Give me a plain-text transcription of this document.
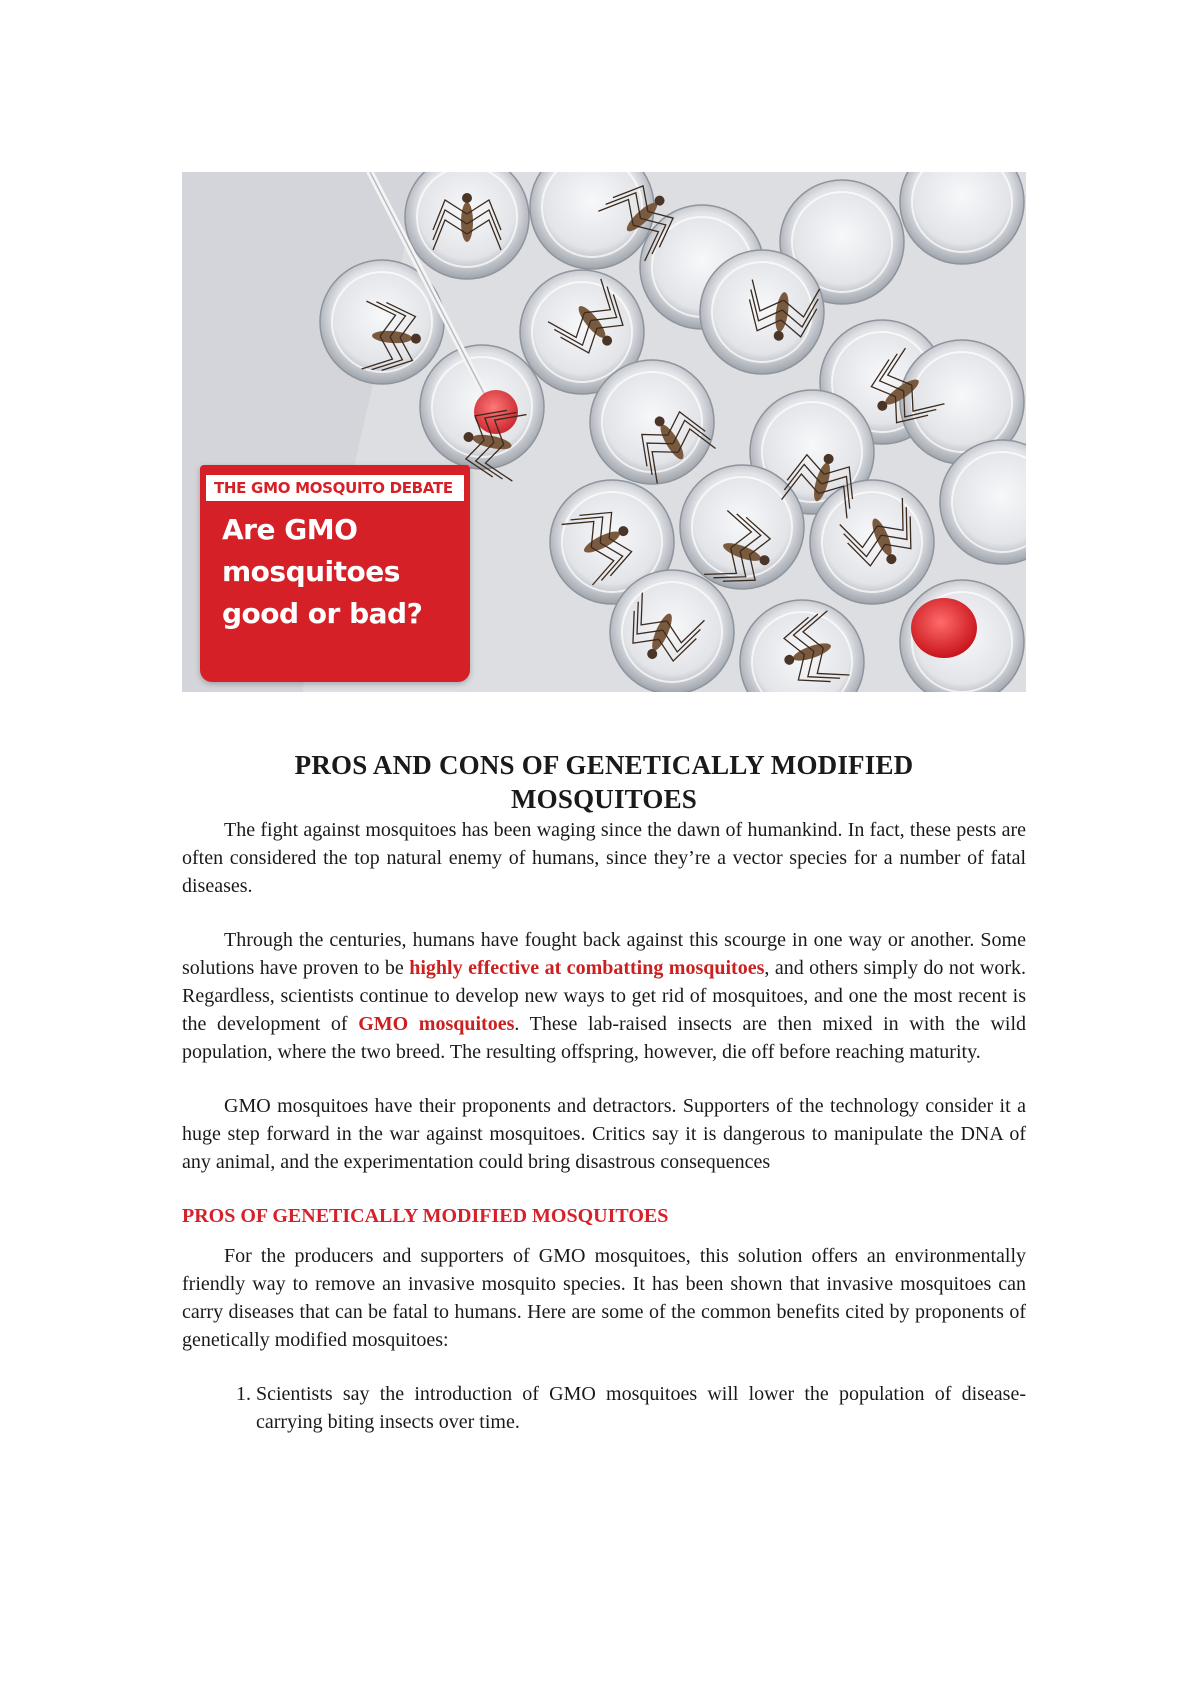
THE GMO MOSQUITO DEBATE
Are GMO
mosquitoes
good or bad?
PROS AND CONS OF GENETICALLY MODIFIED
MOSQUITOES

The fight against mosquitoes has been waging since the dawn of humankind. In fact, these pests are often considered the top natural enemy of humans, since they’re a vector species for a number of fatal diseases.

Through the centuries, humans have fought back against this scourge in one way or another. Some solutions have proven to be highly effective at combatting mosquitoes, and others simply do not work. Regardless, scientists continue to develop new ways to get rid of mosquitoes, and one the most recent is the development of GMO mosquitoes. These lab-raised insects are then mixed in with the wild population, where the two breed. The resulting offspring, however, die off before reaching maturity.

GMO mosquitoes have their proponents and detractors. Supporters of the technology consider it a huge step forward in the war against mosquitoes. Critics say it is dangerous to manipulate the DNA of any animal, and the experimentation could bring disastrous consequences

PROS OF GENETICALLY MODIFIED MOSQUITOES

For the producers and supporters of GMO mosquitoes, this solution offers an environmentally friendly way to remove an invasive mosquito species. It has been shown that invasive mosquitoes can carry diseases that can be fatal to humans. Here are some of the common benefits cited by proponents of genetically modified mosquitoes:

1. Scientists say the introduction of GMO mosquitoes will lower the population of disease-carrying biting insects over time.
